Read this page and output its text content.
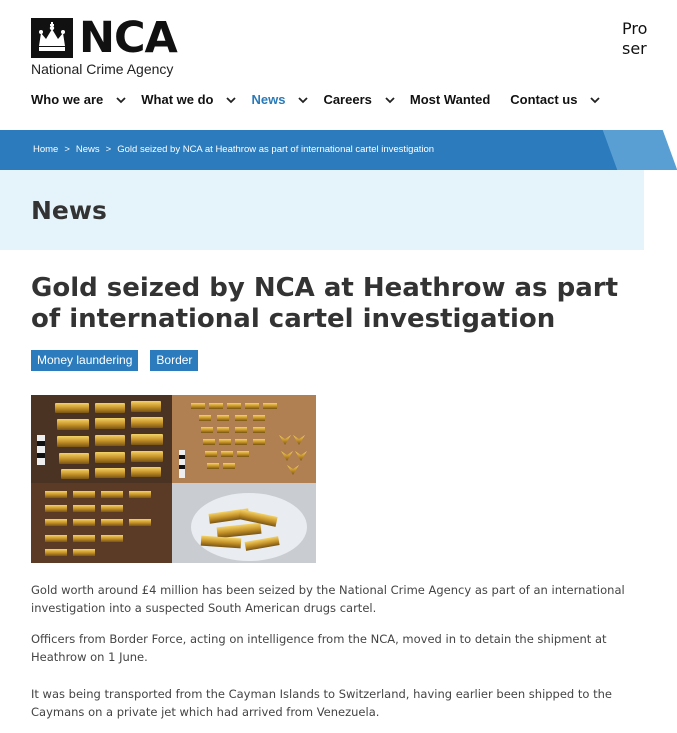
NCA
National Crime Agency
Pro
ser
Who we are	What we do	News	Careers	Most Wanted Contact us
Home > News > Gold seized by NCA at Heathrow as part of international cartel investigation
News
Gold seized by NCA at Heathrow as part of international cartel investigation
Money laundering	Border

Gold worth around £4 million has been seized by the National Crime Agency as part of an international investigation into a suspected South American drugs cartel.

Officers from Border Force, acting on intelligence from the NCA, moved in to detain the shipment at Heathrow on 1 June.

It was being transported from the Cayman Islands to Switzerland, having earlier been shipped to the Caymans on a private jet which had arrived from Venezuela.
